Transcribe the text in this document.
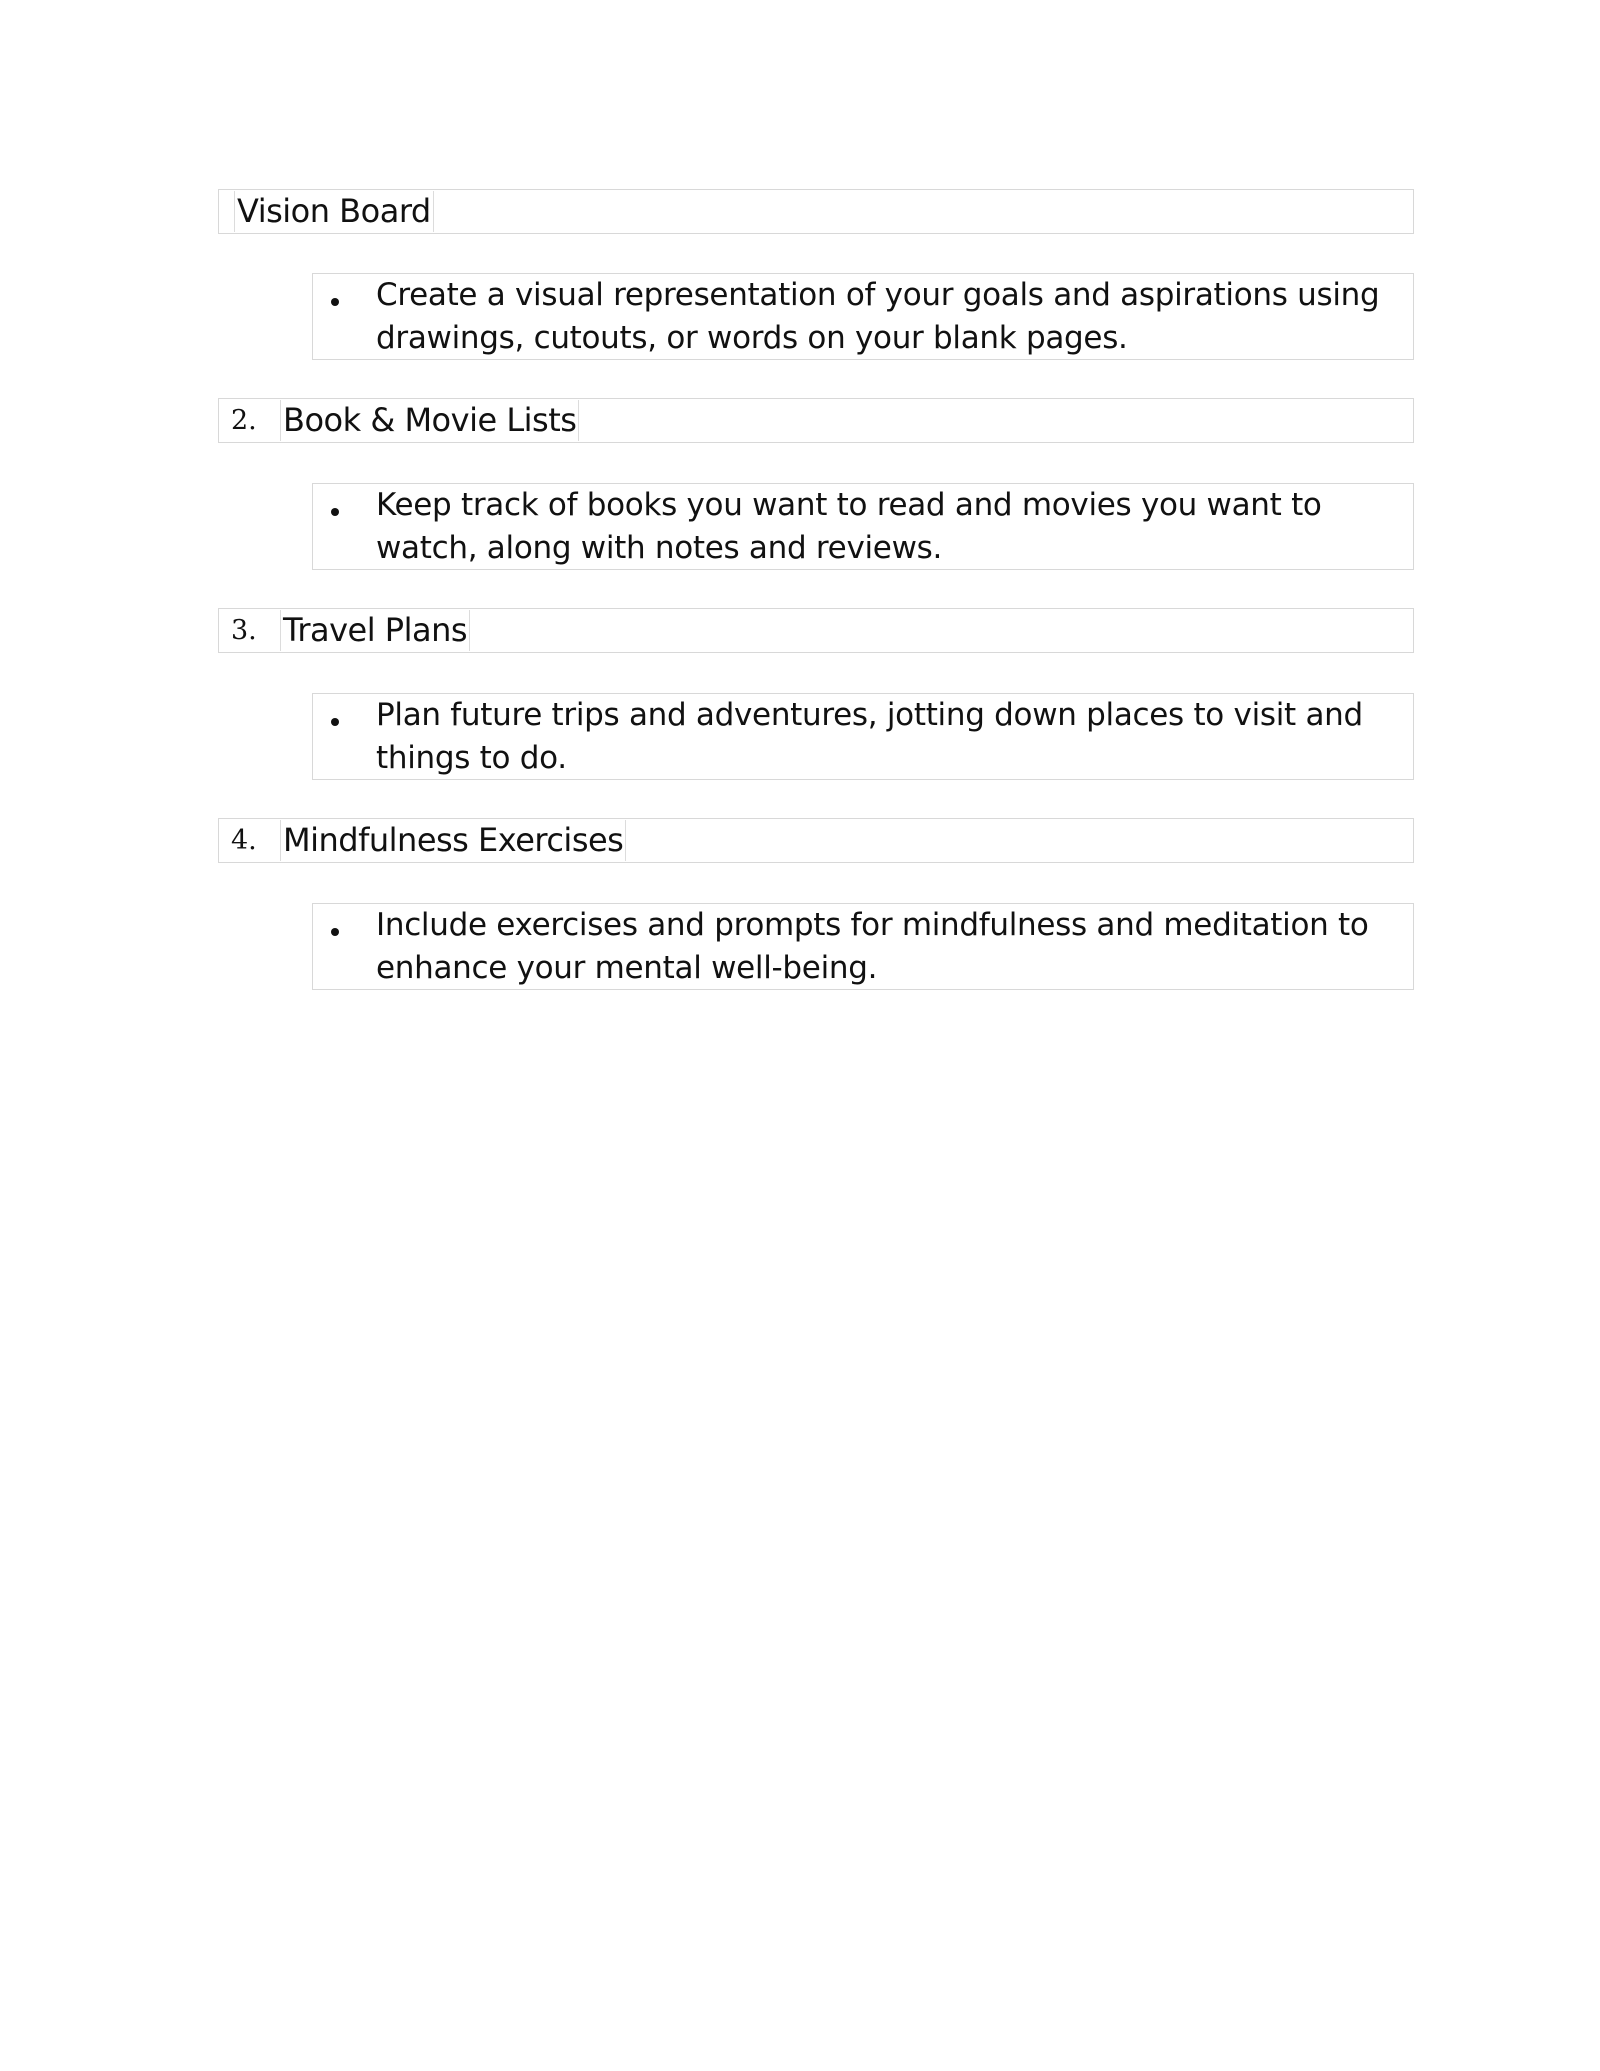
Vision Board
Create a visual representation of your goals and aspirations using drawings, cutouts, or words on your blank pages.
2. Book & Movie Lists
Keep track of books you want to read and movies you want to watch, along with notes and reviews.
3. Travel Plans
Plan future trips and adventures, jotting down places to visit and things to do.
4. Mindfulness Exercises
Include exercises and prompts for mindfulness and meditation to enhance your mental well-being.
